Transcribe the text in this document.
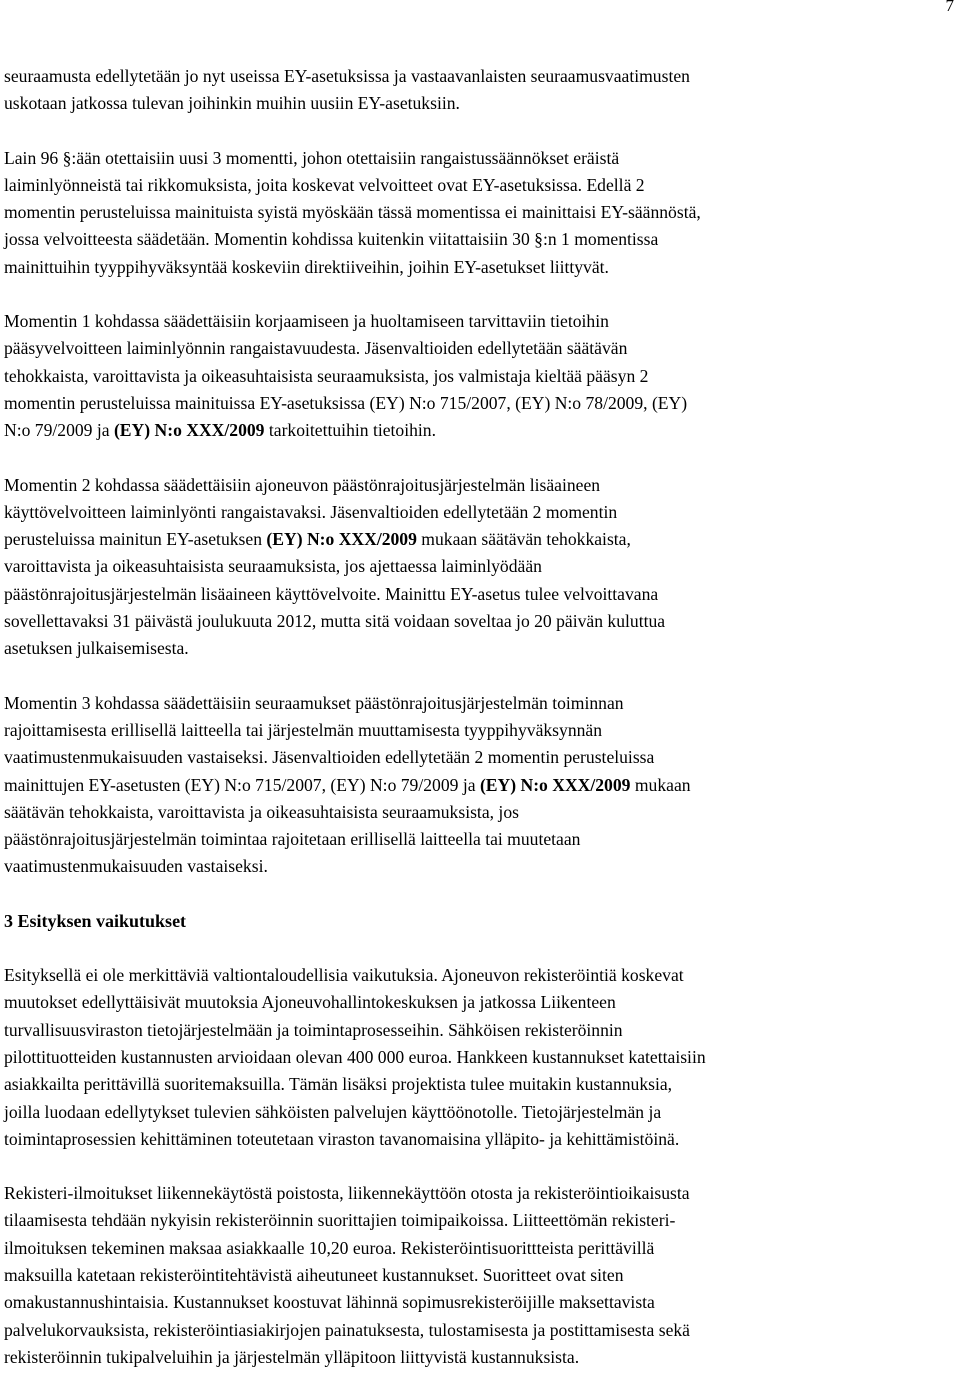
7
seuraamusta edellytetään jo nyt useissa EY-asetuksissa ja vastaavanlaisten seuraamusvaatimusten
uskotaan jatkossa tulevan joihinkin muihin uusiin EY-asetuksiin.
Lain 96 §:ään otettaisiin uusi 3 momentti, johon otettaisiin rangaistussäännökset eräistä
laiminlyönneistä tai rikkomuksista, joita koskevat velvoitteet ovat EY-asetuksissa. Edellä 2
momentin perusteluissa mainituista syistä myöskään tässä momentissa ei mainittaisi EY-säännöstä,
jossa velvoitteesta säädetään. Momentin kohdissa kuitenkin viitattaisiin 30 §:n 1 momentissa
mainittuihin tyyppihyväksyntää koskeviin direktiiveihin, joihin EY-asetukset liittyvät.
Momentin 1 kohdassa säädettäisiin korjaamiseen ja huoltamiseen tarvittaviin tietoihin
pääsyvelvoitteen laiminlyönnin rangaistavuudesta. Jäsenvaltioiden edellytetään säätävän
tehokkaista, varoittavista ja oikeasuhtaisista seuraamuksista, jos valmistaja kieltää pääsyn 2
momentin perusteluissa mainituissa EY-asetuksissa (EY) N:o 715/2007, (EY) N:o 78/2009, (EY)
N:o 79/2009 ja (EY) N:o XXX/2009 tarkoitettuihin tietoihin.
Momentin 2 kohdassa säädettäisiin ajoneuvon päästönrajoitusjärjestelmän lisäaineen
käyttövelvoitteen laiminlyönti rangaistavaksi. Jäsenvaltioiden edellytetään 2 momentin
perusteluissa mainitun EY-asetuksen (EY) N:o XXX/2009 mukaan säätävän tehokkaista,
varoittavista ja oikeasuhtaisista seuraamuksista, jos ajettaessa laiminlyödään
päästönrajoitusjärjestelmän lisäaineen käyttövelvoite. Mainittu EY-asetus tulee velvoittavana
sovellettavaksi 31 päivästä joulukuuta 2012, mutta sitä voidaan soveltaa jo 20 päivän kuluttua
asetuksen julkaisemisesta.
Momentin 3 kohdassa säädettäisiin seuraamukset päästönrajoitusjärjestelmän toiminnan
rajoittamisesta erillisellä laitteella tai järjestelmän muuttamisesta tyyppihyväksynnän
vaatimustenmukaisuuden vastaiseksi. Jäsenvaltioiden edellytetään 2 momentin perusteluissa
mainittujen EY-asetusten (EY) N:o 715/2007, (EY) N:o 79/2009 ja (EY) N:o XXX/2009 mukaan
säätävän tehokkaista, varoittavista ja oikeasuhtaisista seuraamuksista, jos
päästönrajoitusjärjestelmän toimintaa rajoitetaan erillisellä laitteella tai muutetaan
vaatimustenmukaisuuden vastaiseksi.
3 Esityksen vaikutukset
Esityksellä ei ole merkittäviä valtiontaloudellisia vaikutuksia. Ajoneuvon rekisteröintiä koskevat
muutokset edellyttäisivät muutoksia Ajoneuvohallintokeskuksen ja jatkossa Liikenteen
turvallisuusviraston tietojärjestelmään ja toimintaprosesseihin. Sähköisen rekisteröinnin
pilottituotteiden kustannusten arvioidaan olevan 400 000 euroa. Hankkeen kustannukset katettaisiin
asiakkailta perittävillä suoritemaksuilla. Tämän lisäksi projektista tulee muitakin kustannuksia,
joilla luodaan edellytykset tulevien sähköisten palvelujen käyttöönotolle. Tietojärjestelmän ja
toimintaprosessien kehittäminen toteutetaan viraston tavanomaisina ylläpito- ja kehittämistöinä.
Rekisteri-ilmoitukset liikennekäytöstä poistosta, liikennekäyttöön otosta ja rekisteröintioikaisusta
tilaamisesta tehdään nykyisin rekisteröinnin suorittajien toimipaikoissa. Liitteettömän rekisteri-
ilmoituksen tekeminen maksaa asiakkaalle 10,20 euroa. Rekisteröintisuorittteista perittävillä
maksuilla katetaan rekisteröintitehtävistä aiheutuneet kustannukset. Suoritteet ovat siten
omakustannushintaisia. Kustannukset koostuvat lähinnä sopimusrekisteröijille maksettavista
palvelukorvauksista, rekisteröintiasiakirjojen painatuksesta, tulostamisesta ja postittamisesta sekä
rekisteröinnin tukipalveluihin ja järjestelmän ylläpitoon liittyvistä kustannuksista.
